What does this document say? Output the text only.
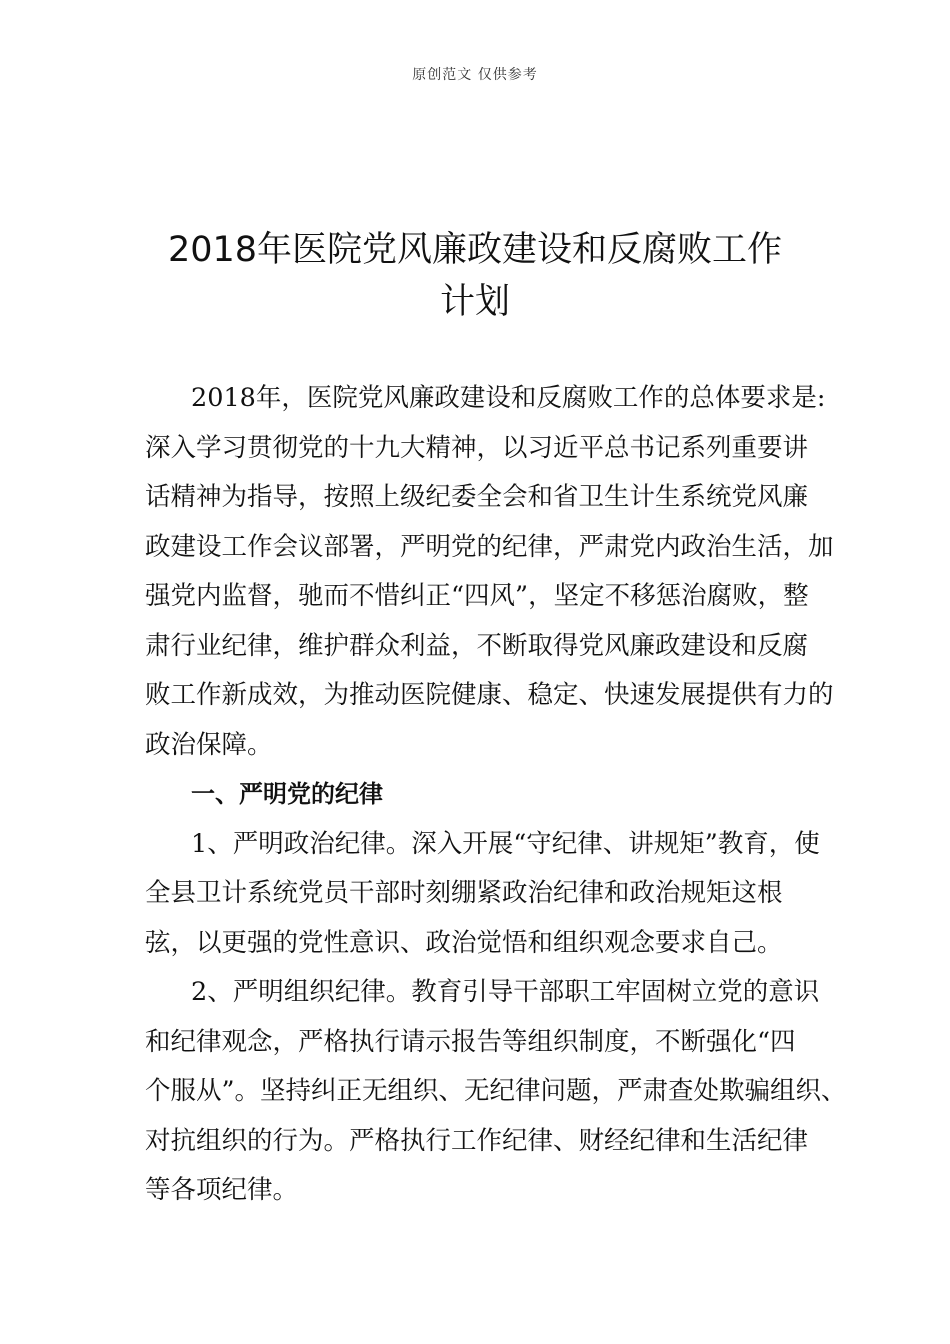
原创范文 仅供参考
2018年医院党风廉政建设和反腐败工作
计划
2018年，医院党风廉政建设和反腐败工作的总体要求是:
深入学习贯彻党的十九大精神，以习近平总书记系列重要讲
话精神为指导，按照上级纪委全会和省卫生计生系统党风廉
政建设工作会议部署，严明党的纪律，严肃党内政治生活，加
强党内监督，驰而不惜纠正“四风”，坚定不移惩治腐败，整
肃行业纪律，维护群众利益，不断取得党风廉政建设和反腐
败工作新成效，为推动医院健康、稳定、快速发展提供有力的
政治保障。
一、严明党的纪律
1、严明政治纪律。深入开展“守纪律、讲规矩”教育，使
全县卫计系统党员干部时刻绷紧政治纪律和政治规矩这根
弦，以更强的党性意识、政治觉悟和组织观念要求自己。
2、严明组织纪律。教育引导干部职工牢固树立党的意识
和纪律观念，严格执行请示报告等组织制度，不断强化“四
个服从”。坚持纠正无组织、无纪律问题，严肃查处欺骗组织、
对抗组织的行为。严格执行工作纪律、财经纪律和生活纪律
等各项纪律。
